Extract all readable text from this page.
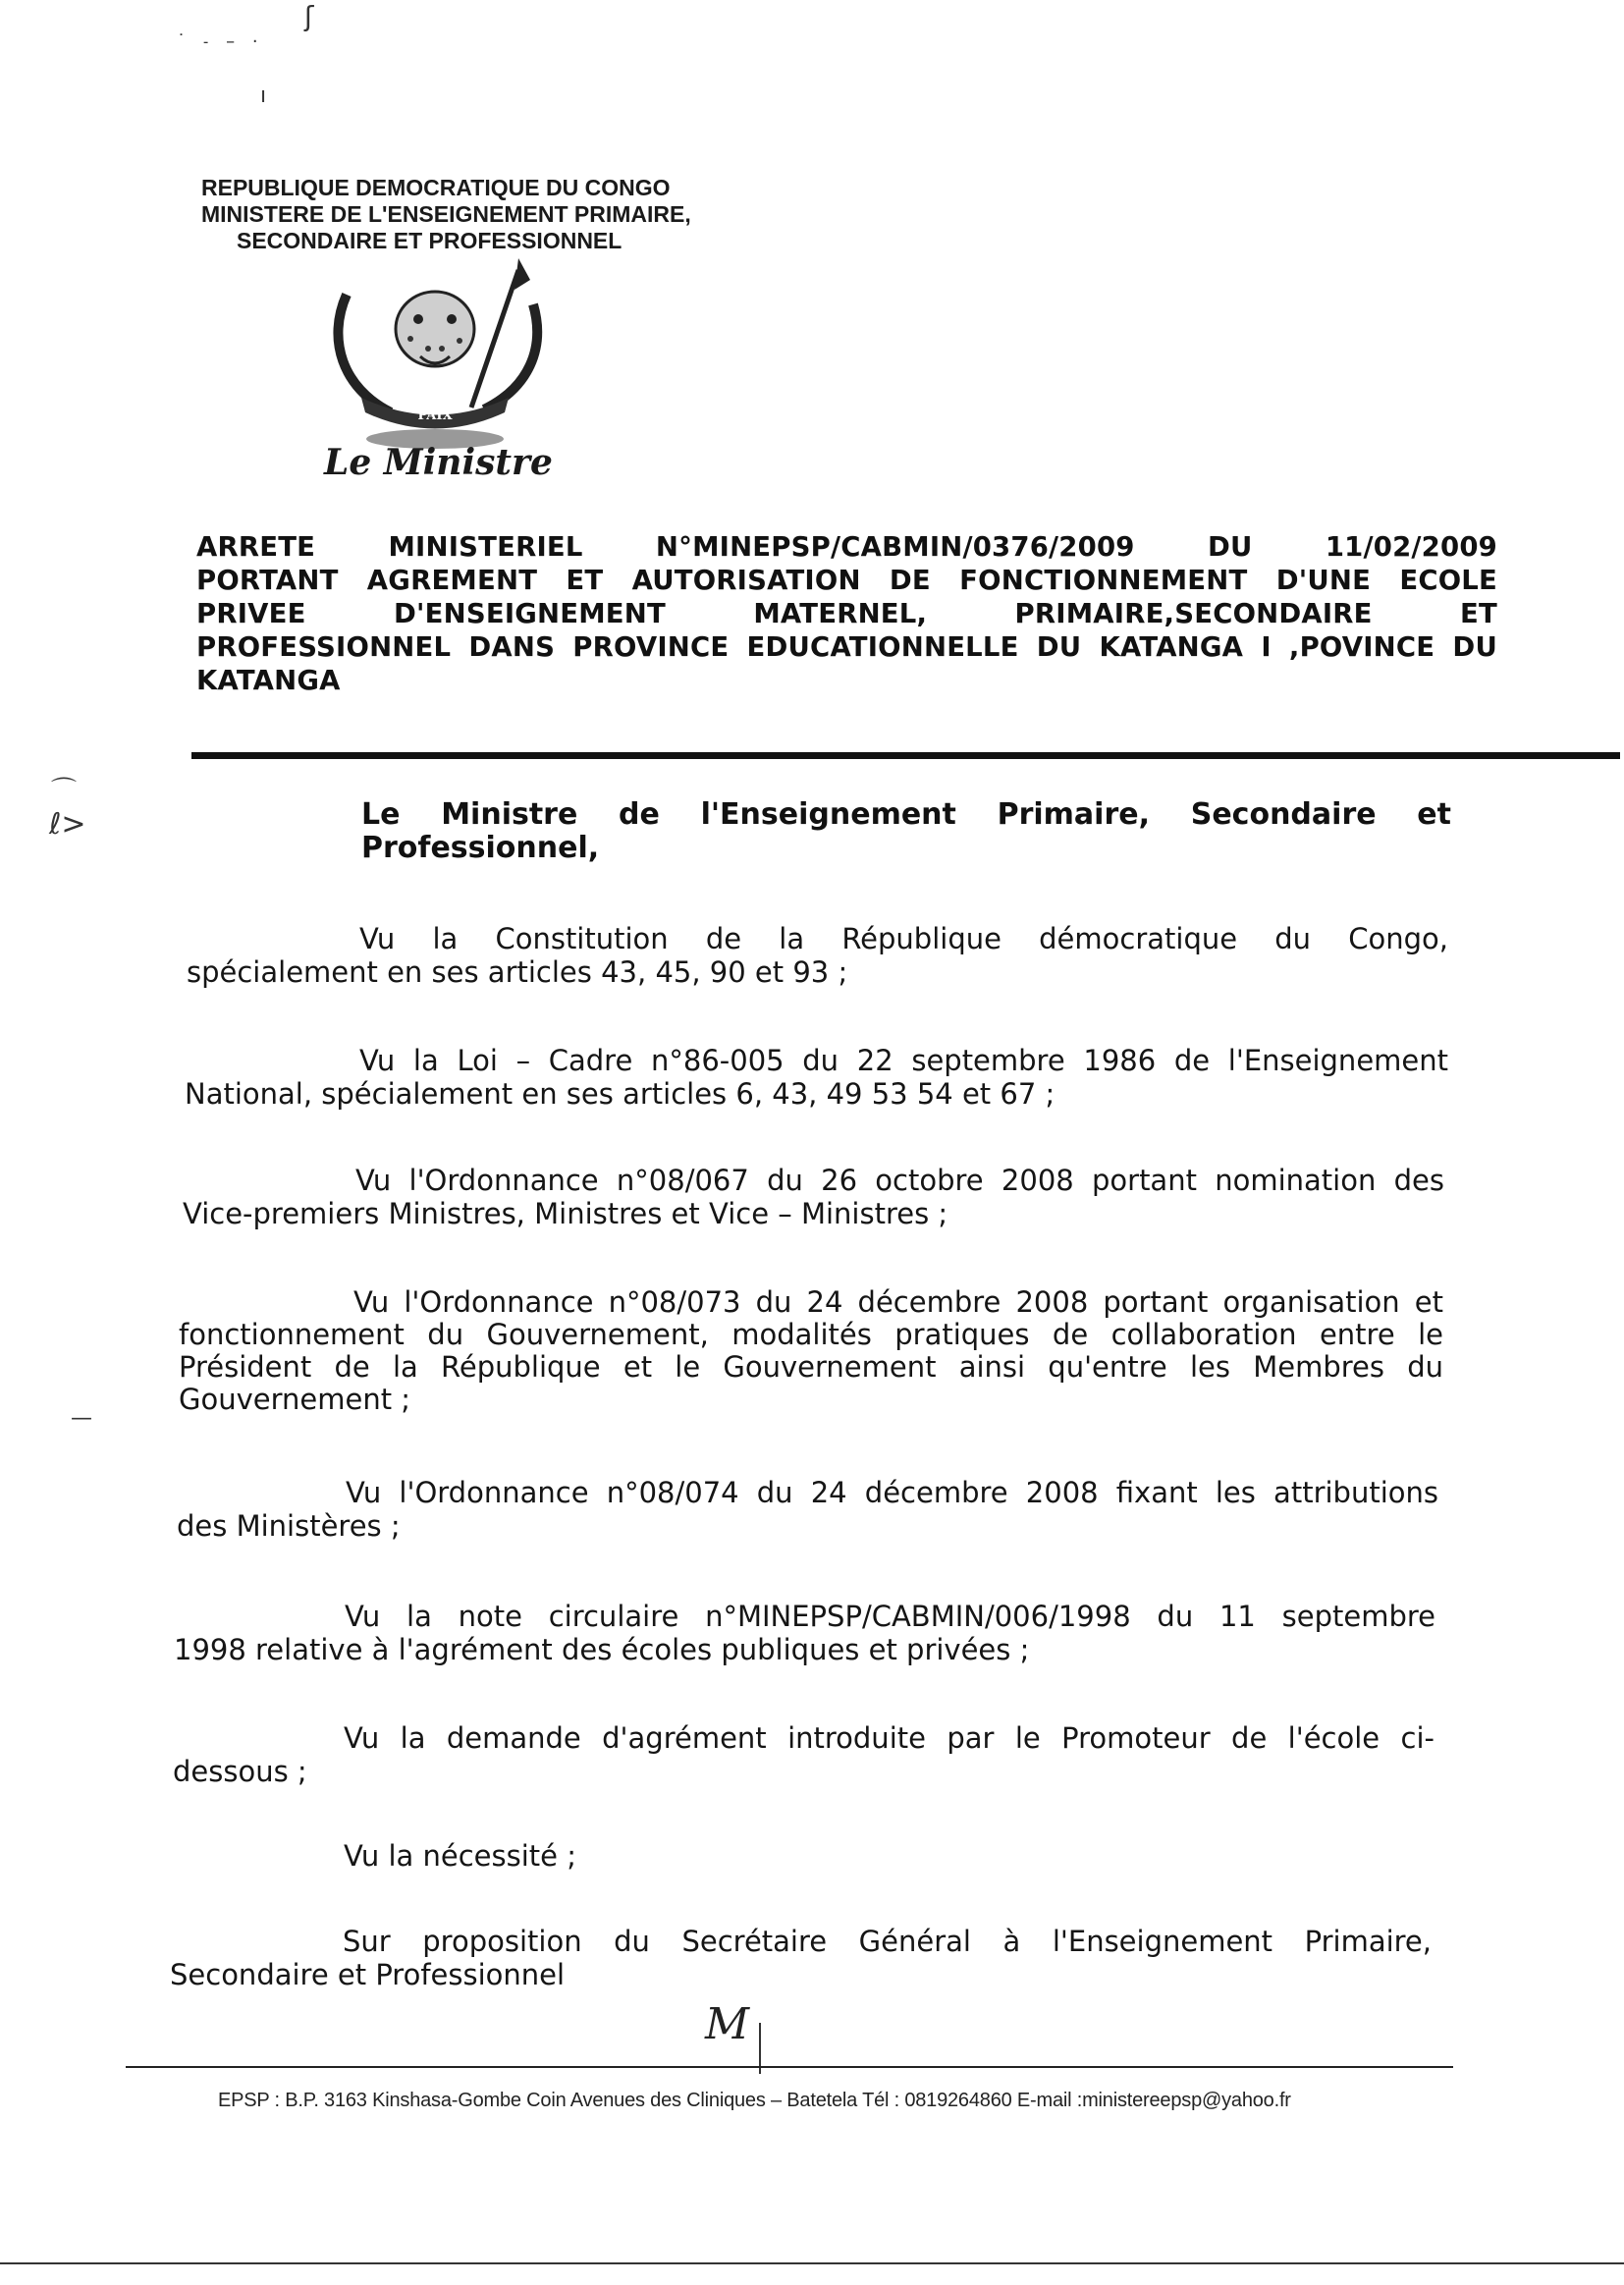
ʃ
˙ ˗ – ·
ı
REPUBLIQUE DEMOCRATIQUE DU CONGO
MINISTERE DE L'ENSEIGNEMENT PRIMAIRE,
SECONDAIRE ET PROFESSIONNEL
PAIX
Le Ministre
ARRETE MINISTERIEL N°MINEPSP/CABMIN/0376/2009 DU 11/02/2009
PORTANT AGREMENT ET AUTORISATION DE FONCTIONNEMENT D'UNE ECOLE
PRIVEE D'ENSEIGNEMENT MATERNEL, PRIMAIRE,SECONDAIRE ET
PROFESSIONNEL DANS PROVINCE EDUCATIONNELLE DU KATANGA I ,POVINCE DU
KATANGA
⌒
ℓ>
—
Le Ministre de l'Enseignement Primaire, Secondaire et
Professionnel,
Vu la Constitution de la République démocratique du Congo,
spécialement en ses articles 43, 45, 90 et 93 ;
Vu la Loi – Cadre n°86-005 du 22 septembre 1986 de l'Enseignement
National, spécialement en ses articles 6, 43, 49 53 54 et 67 ;
Vu l'Ordonnance n°08/067 du 26 octobre 2008 portant nomination des
Vice-premiers Ministres, Ministres et Vice – Ministres ;
Vu l'Ordonnance n°08/073 du 24 décembre 2008 portant organisation et
fonctionnement du Gouvernement, modalités pratiques de collaboration entre le
Président de la République et le Gouvernement ainsi qu'entre les Membres du
Gouvernement ;
Vu l'Ordonnance n°08/074 du 24 décembre 2008 fixant les attributions
des Ministères ;
Vu la note circulaire n°MINEPSP/CABMIN/006/1998 du 11 septembre
1998 relative à l'agrément des écoles publiques et privées ;
Vu la demande d'agrément introduite par le Promoteur de l'école ci-
dessous ;
Vu la nécessité ;
Sur proposition du Secrétaire Général à l'Enseignement Primaire,
Secondaire et Professionnel
M
EPSP : B.P. 3163 Kinshasa-Gombe Coin Avenues des Cliniques – Batetela Tél : 0819264860 E-mail :ministereepsp@yahoo.fr
